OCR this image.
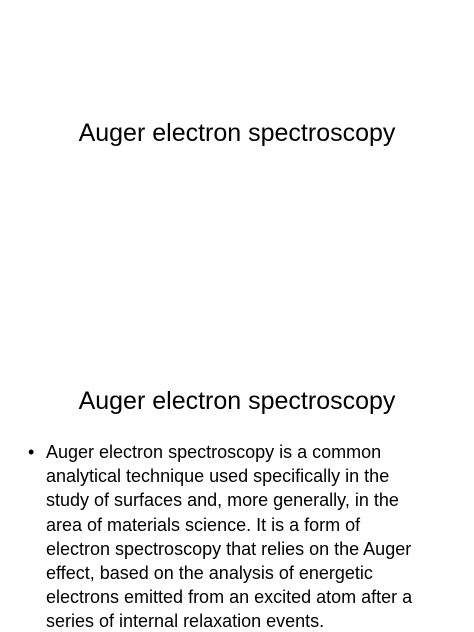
Auger electron spectroscopy
Auger electron spectroscopy
• Auger electron spectroscopy is a common
analytical technique used specifically in the
study of surfaces and, more generally, in the
area of materials science. It is a form of
electron spectroscopy that relies on the Auger
effect, based on the analysis of energetic
electrons emitted from an excited atom after a
series of internal relaxation events.
